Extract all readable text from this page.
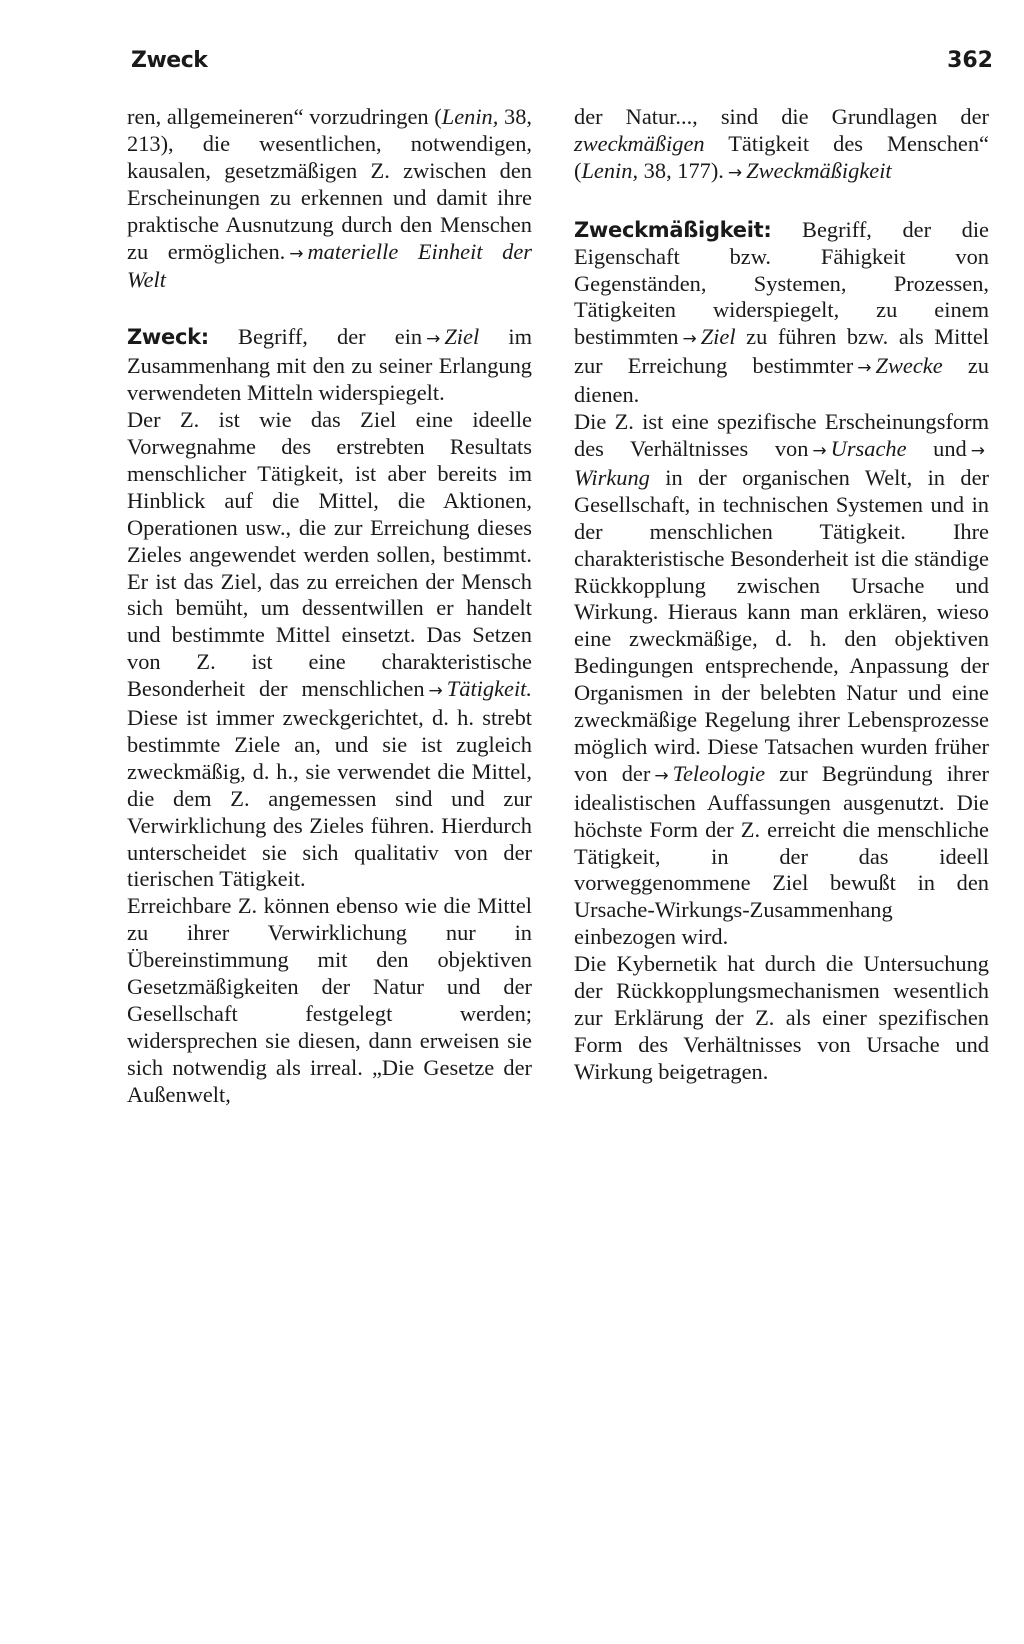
Zweck	362

ren, allgemeineren“ vorzudringen (Lenin, 38, 213), die wesentlichen, notwendigen, kausalen, gesetzmäßigen Z. zwischen den Erscheinungen zu erkennen und damit ihre praktische Ausnutzung durch den Menschen zu ermöglichen. → materielle Einheit der Welt

Zweck: Begriff, der ein → Ziel im Zusammenhang mit den zu seiner Erlangung verwendeten Mitteln widerspiegelt.

Der Z. ist wie das Ziel eine ideelle Vorwegnahme des erstrebten Resultats menschlicher Tätigkeit, ist aber bereits im Hinblick auf die Mittel, die Aktionen, Operationen usw., die zur Erreichung dieses Zieles angewendet werden sollen, bestimmt. Er ist das Ziel, das zu erreichen der Mensch sich bemüht, um dessentwillen er handelt und bestimmte Mittel einsetzt. Das Setzen von Z. ist eine charakteristische Besonderheit der menschlichen → Tätigkeit. Diese ist immer zweckgerichtet, d. h. strebt bestimmte Ziele an, und sie ist zugleich zweckmäßig, d. h., sie verwendet die Mittel, die dem Z. angemessen sind und zur Verwirklichung des Zieles führen. Hierdurch unterscheidet sie sich qualitativ von der tierischen Tätigkeit.

Erreichbare Z. können ebenso wie die Mittel zu ihrer Verwirklichung nur in Übereinstimmung mit den objektiven Gesetzmäßigkeiten der Natur und der Gesellschaft festgelegt werden; widersprechen sie diesen, dann erweisen sie sich notwendig als irreal. „Die Gesetze der Außenwelt,

der Natur..., sind die Grundlagen der zweckmäßigen Tätigkeit des Menschen“ (Lenin, 38, 177). → Zweckmäßigkeit

Zweckmäßigkeit: Begriff, der die Eigenschaft bzw. Fähigkeit von Gegenständen, Systemen, Prozessen, Tätigkeiten widerspiegelt, zu einem bestimmten → Ziel zu führen bzw. als Mittel zur Erreichung bestimmter → Zwecke zu dienen.

Die Z. ist eine spezifische Erscheinungsform des Verhältnisses von → Ursache und →Wirkung in der organischen Welt, in der Gesellschaft, in technischen Systemen und in der menschlichen Tätigkeit. Ihre charakteristische Besonderheit ist die ständige Rückkopplung zwischen Ursache und Wirkung. Hieraus kann man erklären, wieso eine zweckmäßige, d. h. den objektiven Bedingungen entsprechende, Anpassung der Organismen in der belebten Natur und eine zweckmäßige Regelung ihrer Lebensprozesse möglich wird. Diese Tatsachen wurden früher von der → Teleologie zur Begründung ihrer idealistischen Auffassungen ausgenutzt. Die höchste Form der Z. erreicht die menschliche Tätigkeit, in der das ideell vorweggenommene Ziel bewußt in den Ursache-Wirkungs-Zusammenhang einbezogen wird.

Die Kybernetik hat durch die Untersuchung der Rückkopplungsmechanismen wesentlich zur Erklärung der Z. als einer spezifischen Form des Verhältnisses von Ursache und Wirkung beigetragen.
